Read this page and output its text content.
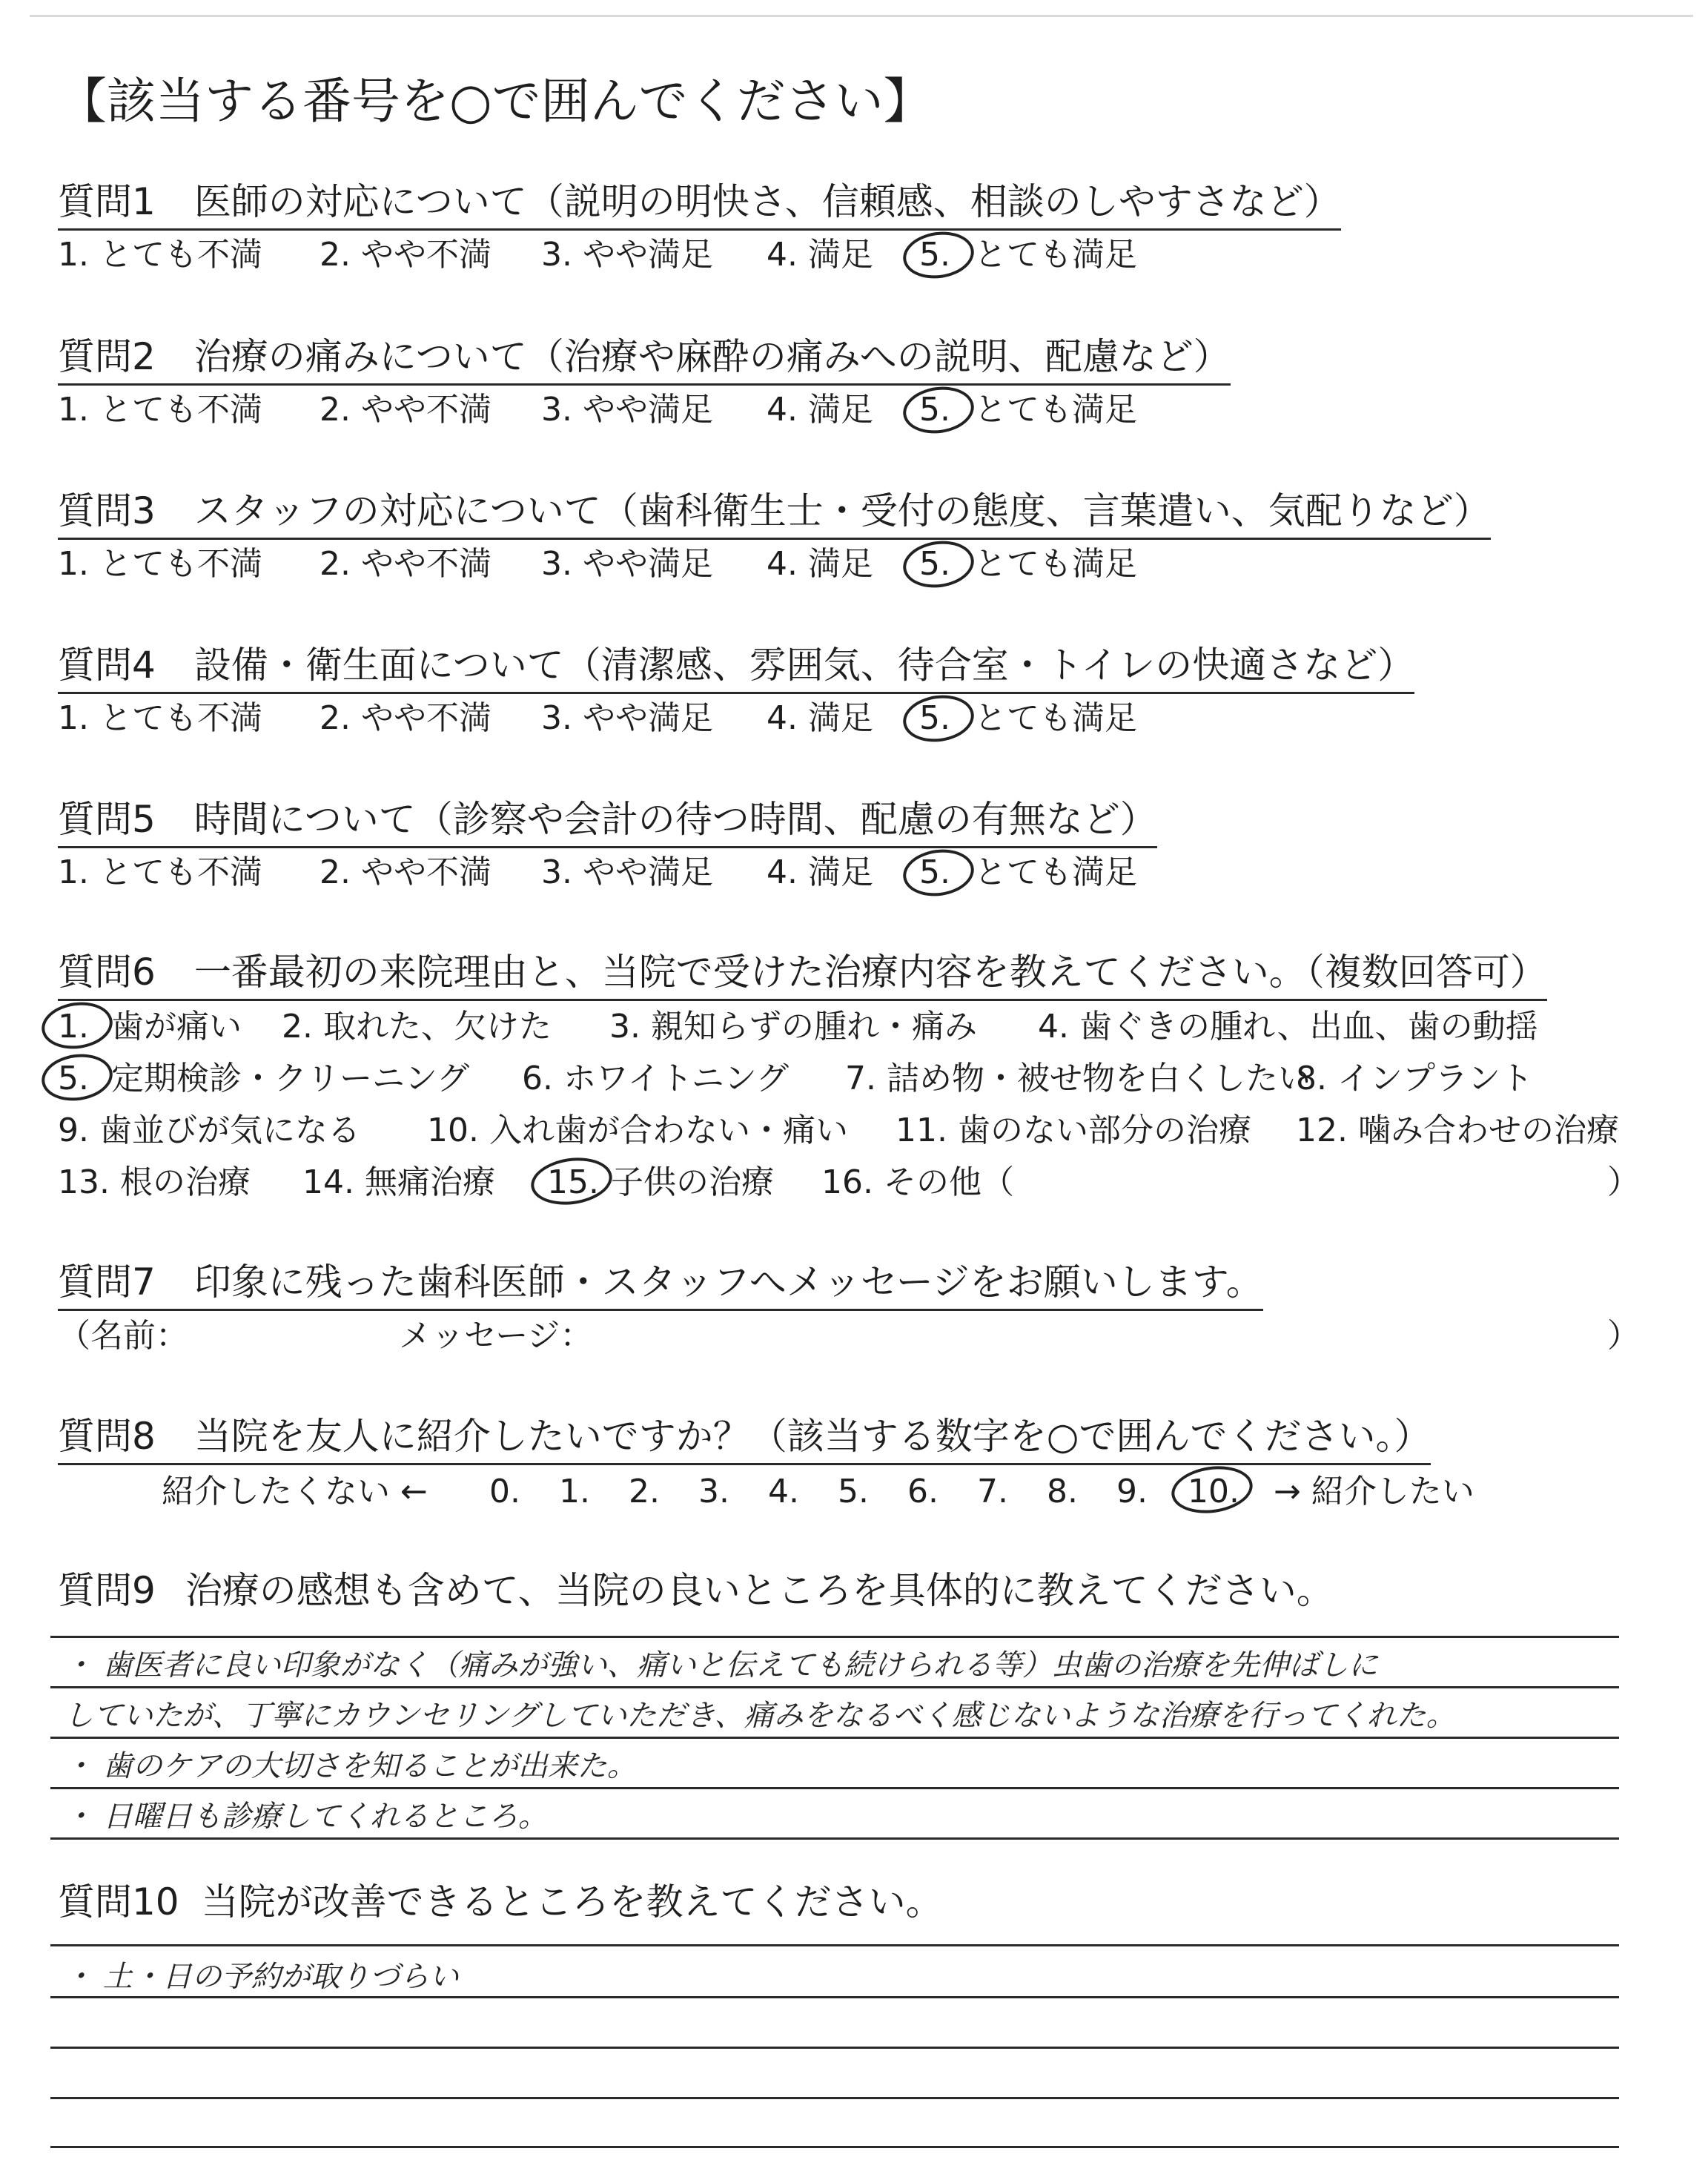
【該当する番号を○で囲んでください】
質問1 医師の対応について（説明の明快さ、信頼感、相談のしやすさなど）
1. とても不満 2. やや不満 3. やや満足 4. 満足 5. とても満足
質問2 治療の痛みについて（治療や麻酔の痛みへの説明、配慮など）
1. とても不満 2. やや不満 3. やや満足 4. 満足 5. とても満足
質問3 スタッフの対応について（歯科衛生士・受付の態度、言葉遣い、気配りなど）
1. とても不満 2. やや不満 3. やや満足 4. 満足 5. とても満足
質問4 設備・衛生面について（清潔感、雰囲気、待合室・トイレの快適さなど）
1. とても不満 2. やや不満 3. やや満足 4. 満足 5. とても満足
質問5 時間について（診察や会計の待つ時間、配慮の有無など）
1. とても不満 2. やや不満 3. やや満足 4. 満足 5. とても満足
質問6 一番最初の来院理由と、当院で受けた治療内容を教えてください。（複数回答可）
1. 歯が痛い 2. 取れた、欠けた 3. 親知らずの腫れ・痛み 4. 歯ぐきの腫れ、出血、歯の動揺
5. 定期検診・クリーニング 6. ホワイトニング 7. 詰め物・被せ物を白くしたい
8. インプラント
9. 歯並びが気になる 10. 入れ歯が合わない・痛い 11. 歯のない部分の治療 12. 噛み合わせの治療
13. 根の治療 14. 無痛治療 15. 子供の治療 16. その他（	）
質問7 印象に残った歯科医師・スタッフへメッセージをお願いします。
（名前：	メッセージ：	）
質問8 当院を友人に紹介したいですか？（該当する数字を○で囲んでください。）
紹介したくない ← 0. 1. 2. 3. 4. 5. 6. 7. 8. 9. 10. → 紹介したい
質問9 治療の感想も含めて、当院の良いところを具体的に教えてください。
・ 歯医者に良い印象がなく（痛みが強い、痛いと伝えても続けられる等）虫歯の治療を先伸ばしに
していたが、丁寧にカウンセリングしていただき、痛みをなるべく感じないような治療を行ってくれた。
・ 歯のケアの大切さを知ることが出来た。
・ 日曜日も診療してくれるところ。
質問10 当院が改善できるところを教えてください。
・ 土・日の予約が取りづらい
